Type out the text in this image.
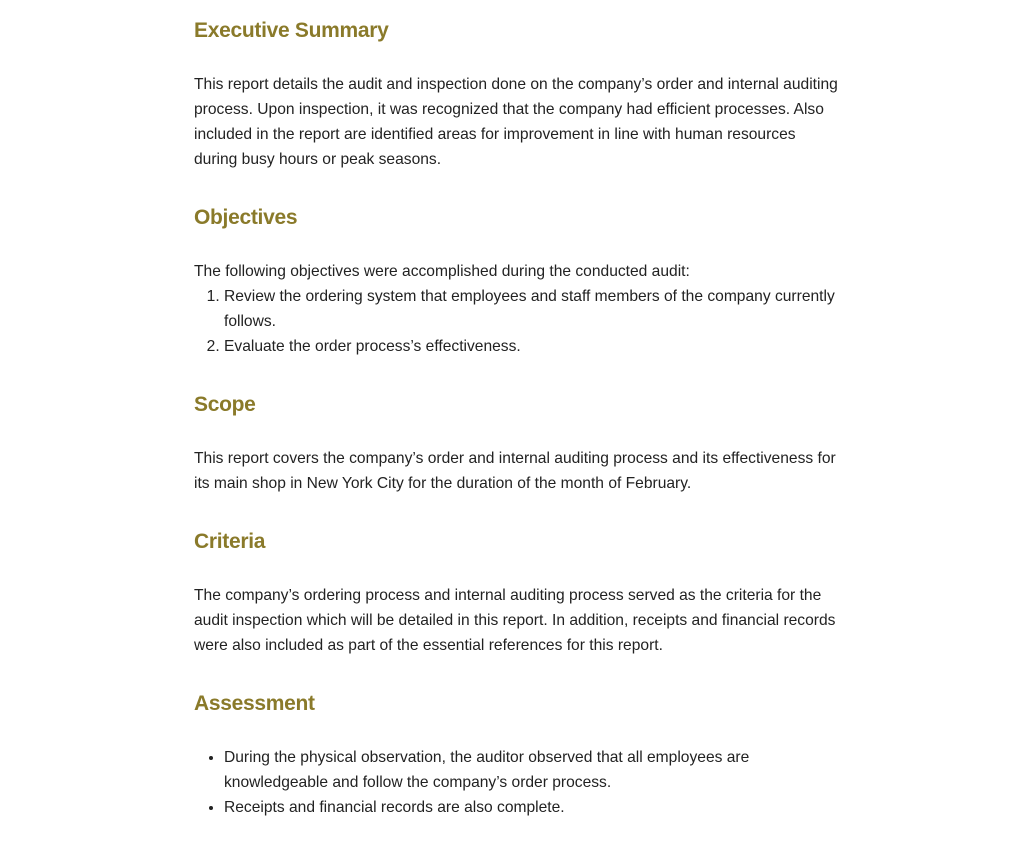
Executive Summary

This report details the audit and inspection done on the company’s order and internal auditing process. Upon inspection, it was recognized that the company had efficient processes. Also included in the report are identified areas for improvement in line with human resources during busy hours or peak seasons.

Objectives

The following objectives were accomplished during the conducted audit:

1. Review the ordering system that employees and staff members of the company currently follows.
2. Evaluate the order process’s effectiveness.
Scope

This report covers the company’s order and internal auditing process and its effectiveness for its main shop in New York City for the duration of the month of February.

Criteria

The company’s ordering process and internal auditing process served as the criteria for the audit inspection which will be detailed in this report. In addition, receipts and financial records were also included as part of the essential references for this report.

Assessment
• During the physical observation, the auditor observed that all employees are knowledgeable and follow the company’s order process.
• Receipts and financial records are also complete.
